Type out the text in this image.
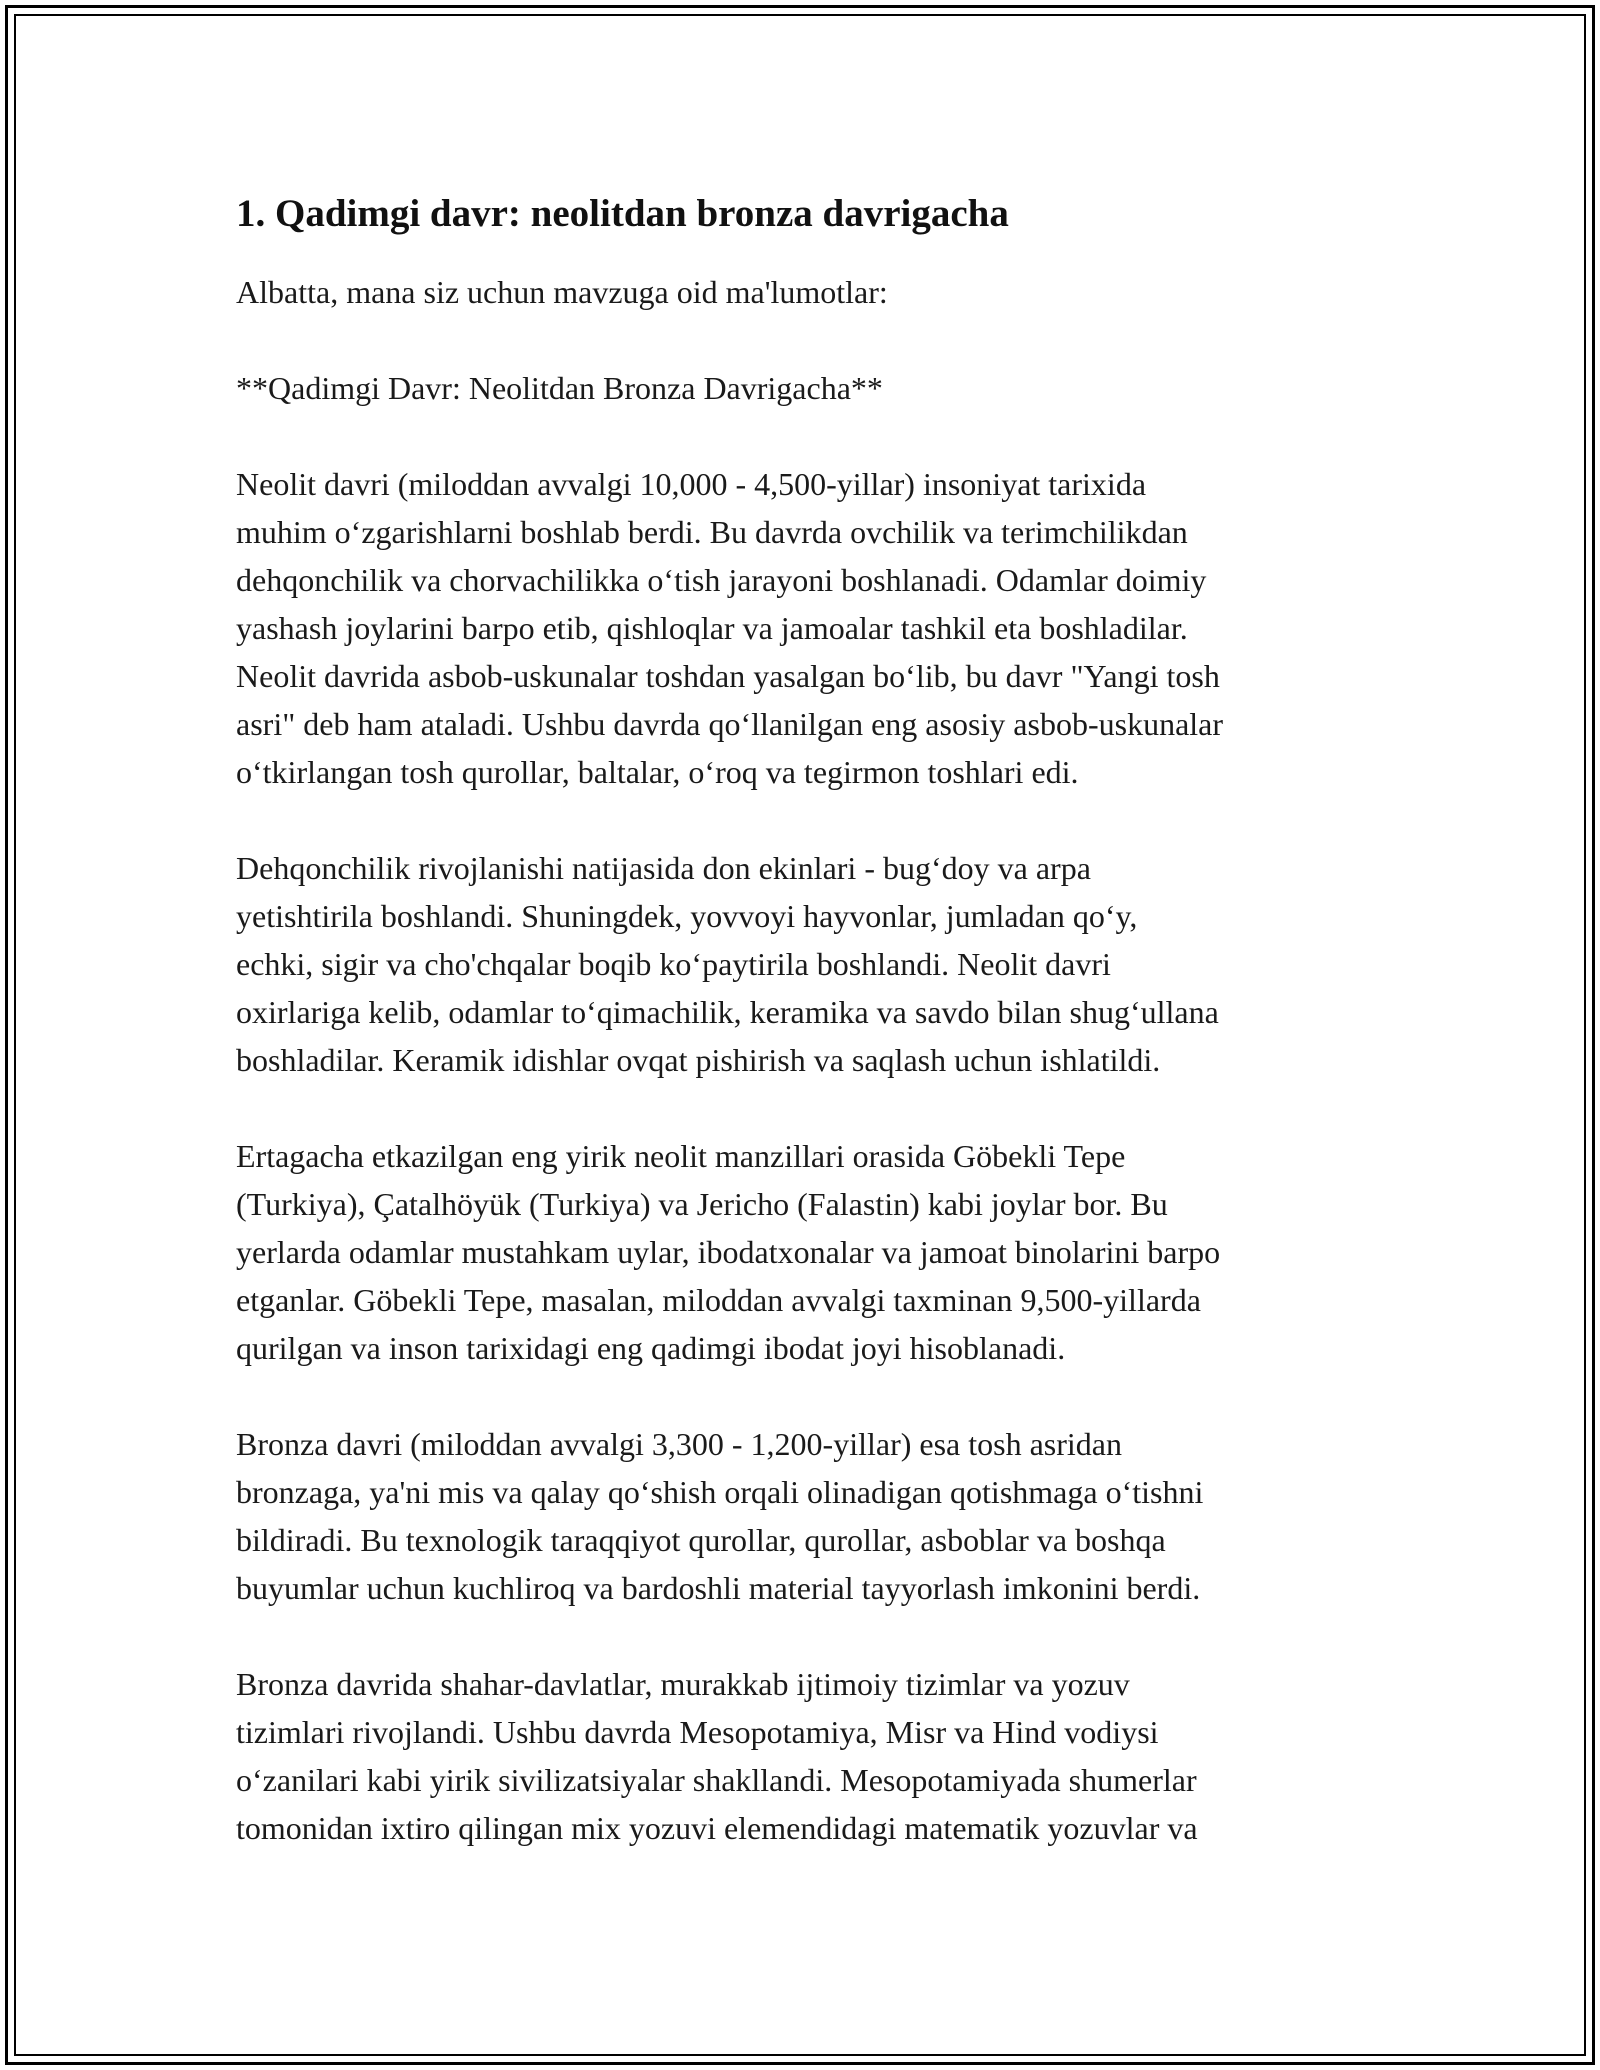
1. Qadimgi davr: neolitdan bronza davrigacha

Albatta, mana siz uchun mavzuga oid ma'lumotlar:

**Qadimgi Davr: Neolitdan Bronza Davrigacha**

Neolit davri (miloddan avvalgi 10,000 - 4,500-yillar) insoniyat tarixida
muhim o‘zgarishlarni boshlab berdi. Bu davrda ovchilik va terimchilikdan
dehqonchilik va chorvachilikka o‘tish jarayoni boshlanadi. Odamlar doimiy
yashash joylarini barpo etib, qishloqlar va jamoalar tashkil eta boshladilar.
Neolit davrida asbob-uskunalar toshdan yasalgan bo‘lib, bu davr "Yangi tosh
asri" deb ham ataladi. Ushbu davrda qo‘llanilgan eng asosiy asbob-uskunalar
o‘tkirlangan tosh qurollar, baltalar, o‘roq va tegirmon toshlari edi.

Dehqonchilik rivojlanishi natijasida don ekinlari - bug‘doy va arpa
yetishtirila boshlandi. Shuningdek, yovvoyi hayvonlar, jumladan qo‘y,
echki, sigir va cho'chqalar boqib ko‘paytirila boshlandi. Neolit davri
oxirlariga kelib, odamlar to‘qimachilik, keramika va savdo bilan shug‘ullana
boshladilar. Keramik idishlar ovqat pishirish va saqlash uchun ishlatildi.

Ertagacha etkazilgan eng yirik neolit manzillari orasida Göbekli Tepe
(Turkiya), Çatalhöyük (Turkiya) va Jericho (Falastin) kabi joylar bor. Bu
yerlarda odamlar mustahkam uylar, ibodatxonalar va jamoat binolarini barpo
etganlar. Göbekli Tepe, masalan, miloddan avvalgi taxminan 9,500-yillarda
qurilgan va inson tarixidagi eng qadimgi ibodat joyi hisoblanadi.

Bronza davri (miloddan avvalgi 3,300 - 1,200-yillar) esa tosh asridan
bronzaga, ya'ni mis va qalay qo‘shish orqali olinadigan qotishmaga o‘tishni
bildiradi. Bu texnologik taraqqiyot qurollar, qurollar, asboblar va boshqa
buyumlar uchun kuchliroq va bardoshli material tayyorlash imkonini berdi.

Bronza davrida shahar-davlatlar, murakkab ijtimoiy tizimlar va yozuv
tizimlari rivojlandi. Ushbu davrda Mesopotamiya, Misr va Hind vodiysi
o‘zanilari kabi yirik sivilizatsiyalar shakllandi. Mesopotamiyada shumerlar
tomonidan ixtiro qilingan mix yozuvi elemendidagi matematik yozuvlar va
